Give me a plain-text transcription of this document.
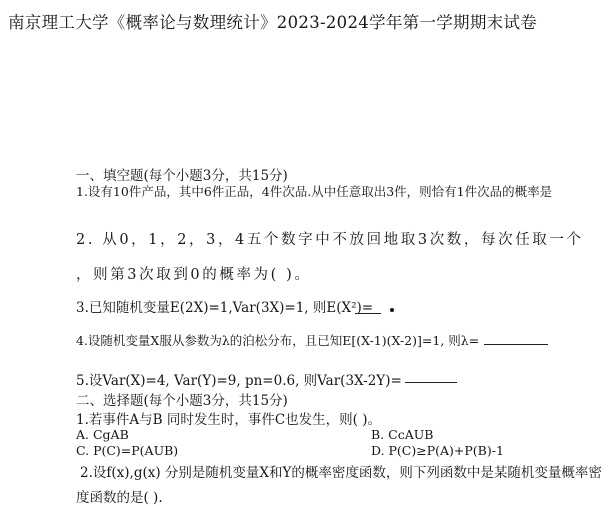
南京理工大学《概率论与数理统计》2023-2024学年第一学期期末试卷
一、填空题(每个小题3分，共15分)
1.设有10件产品，其中6件正品，4件次品.从中任意取出3件，则恰有1件次品的概率是
2. 从0，1，2，3，4五个数字中不放回地取3次数，每次任取一个
，则第3次取到0的概率为( )。
3.已知随机变量E(2X)=1,Var(3X)=1, 则E(X²)=
4.设随机变量X服从参数为λ的泊松分布，且已知E[(X-1)(X-2)]=1, 则λ=
5.设Var(X)=4, Var(Y)=9, pn=0.6, 则Var(3X-2Y)=
二、选择题(每个小题3分，共15分)
1.若事件A与B 同时发生时，事件C也发生，则( )。
A. CgAB	B. CcAUB
C. P(C)=P(AUB)	D. P(C)≥P(A)+P(B)-1
2.设f(x),g(x) 分别是随机变量X和Y的概率密度函数，则下列函数中是某随机变量概率密
度函数的是( ).
